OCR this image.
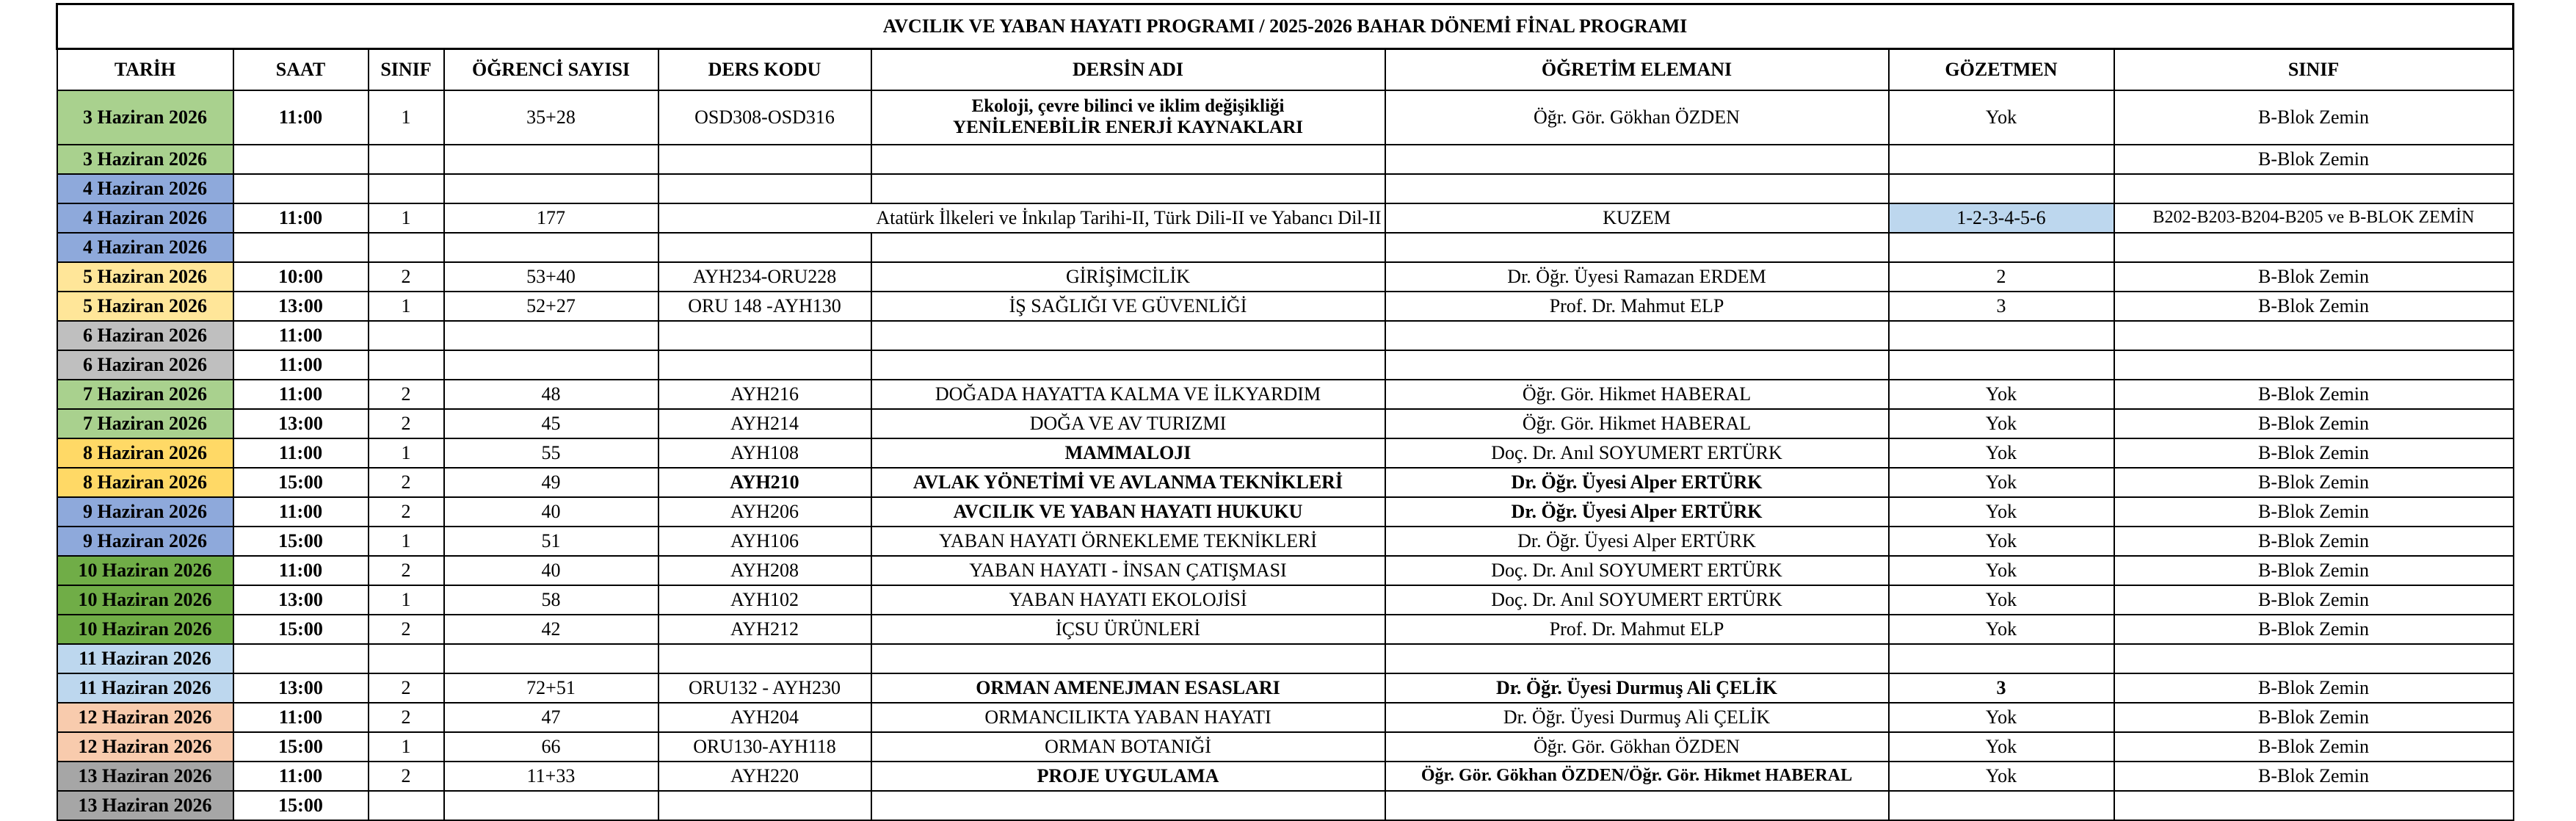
AVCILIK VE YABAN HAYATI PROGRAMI / 2025-2026 BAHAR DÖNEMİ FİNAL PROGRAMI								
TARİH	SAAT	SINIF	ÖĞRENCİ SAYISI	DERS KODU	DERSİN ADI	ÖĞRETİM ELEMANI	GÖZETMEN	SINIF
3 Haziran 2026	11:00	1	35+28	OSD308-OSD316	Ekoloji, çevre bilinci ve iklim değişikliği
YENİLENEBİLİR ENERJİ KAYNAKLARI	Öğr. Gör. Gökhan ÖZDEN	Yok	B-Blok Zemin
3 Haziran 2026								B-Blok Zemin
4 Haziran 2026								
4 Haziran 2026	11:00	1	177	Atatürk İlkeleri ve İnkılap Tarihi-II, Türk Dili-II ve Yabancı Dil-II		KUZEM	1-2-3-4-5-6	B202-B203-B204-B205 ve B-BLOK ZEMİN
4 Haziran 2026								
5 Haziran 2026	10:00	2	53+40	AYH234-ORU228	GİRİŞİMCİLİK	Dr. Öğr. Üyesi Ramazan ERDEM	2	B-Blok Zemin
5 Haziran 2026	13:00	1	52+27	ORU 148 -AYH130	İŞ SAĞLIĞI VE GÜVENLİĞİ	Prof. Dr. Mahmut ELP	3	B-Blok Zemin
6 Haziran 2026	11:00							
6 Haziran 2026	11:00							
7 Haziran 2026	11:00	2	48	AYH216	DOĞADA HAYATTA KALMA VE İLKYARDIM	Öğr. Gör. Hikmet HABERAL	Yok	B-Blok Zemin
7 Haziran 2026	13:00	2	45	AYH214	DOĞA VE AV TURIZMI	Öğr. Gör. Hikmet HABERAL	Yok	B-Blok Zemin
8 Haziran 2026	11:00	1	55	AYH108	MAMMALOJI	Doç. Dr. Anıl SOYUMERT ERTÜRK	Yok	B-Blok Zemin
8 Haziran 2026	15:00	2	49	AYH210	AVLAK YÖNETİMİ VE AVLANMA TEKNİKLERİ	Dr. Öğr. Üyesi Alper ERTÜRK	Yok	B-Blok Zemin
9 Haziran 2026	11:00	2	40	AYH206	AVCILIK VE YABAN HAYATI HUKUKU	Dr. Öğr. Üyesi Alper ERTÜRK	Yok	B-Blok Zemin
9 Haziran 2026	15:00	1	51	AYH106	YABAN HAYATI ÖRNEKLEME TEKNİKLERİ	Dr. Öğr. Üyesi Alper ERTÜRK	Yok	B-Blok Zemin
10 Haziran 2026	11:00	2	40	AYH208	YABAN HAYATI - İNSAN ÇATIŞMASI	Doç. Dr. Anıl SOYUMERT ERTÜRK	Yok	B-Blok Zemin
10 Haziran 2026	13:00	1	58	AYH102	YABAN HAYATI EKOLOJİSİ	Doç. Dr. Anıl SOYUMERT ERTÜRK	Yok	B-Blok Zemin
10 Haziran 2026	15:00	2	42	AYH212	İÇSU ÜRÜNLERİ	Prof. Dr. Mahmut ELP	Yok	B-Blok Zemin
11 Haziran 2026								
11 Haziran 2026	13:00	2	72+51	ORU132 - AYH230	ORMAN AMENEJMAN ESASLARI	Dr. Öğr. Üyesi Durmuş Ali ÇELİK	3	B-Blok Zemin
12 Haziran 2026	11:00	2	47	AYH204	ORMANCILIKTA YABAN HAYATI	Dr. Öğr. Üyesi Durmuş Ali ÇELİK	Yok	B-Blok Zemin
12 Haziran 2026	15:00	1	66	ORU130-AYH118	ORMAN BOTANIĞİ	Öğr. Gör. Gökhan ÖZDEN	Yok	B-Blok Zemin
13 Haziran 2026	11:00	2	11+33	AYH220	PROJE UYGULAMA	Öğr. Gör. Gökhan ÖZDEN/Öğr. Gör. Hikmet HABERAL	Yok	B-Blok Zemin
13 Haziran 2026	15:00							
